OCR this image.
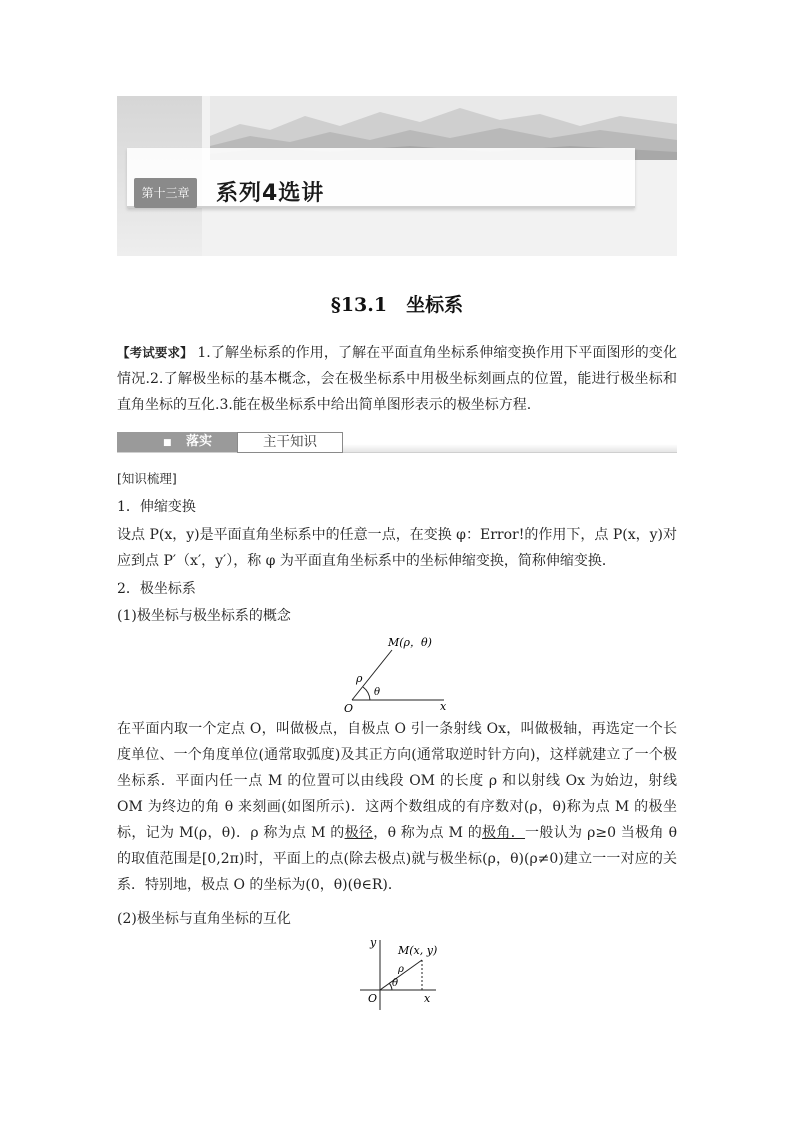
第十三章	系列4选讲
§13.1　坐标系
【考试要求】 1.了解坐标系的作用，了解在平面直角坐标系伸缩变换作用下平面图形的变化情况.2.了解极坐标的基本概念，会在极坐标系中用极坐标刻画点的位置，能进行极坐标和直角坐标的互化.3.能在极坐标系中给出简单图形表示的极坐标方程.
■ 落实	主干知识
[知识梳理]
1．伸缩变换
设点 P(x，y)是平面直角坐标系中的任意一点，在变换 φ：Error!的作用下，点 P(x，y)对应到点 P′（x′，y′），称 φ 为平面直角坐标系中的坐标伸缩变换，简称伸缩变换．
2．极坐标系
(1)极坐标与极坐标系的概念
M(ρ，θ)
ρ
θ
O	x
在平面内取一个定点 O，叫做极点，自极点 O 引一条射线 Ox，叫做极轴，再选定一个长度单位、一个角度单位(通常取弧度)及其正方向(通常取逆时针方向)，这样就建立了一个极坐标系．平面内任一点 M 的位置可以由线段 OM 的长度 ρ 和以射线 Ox 为始边，射线 OM 为终边的角 θ 来刻画(如图所示)．这两个数组成的有序数对(ρ，θ)称为点 M 的极坐标，记为 M(ρ，θ)．ρ 称为点 M 的极径，θ 称为点 M 的极角．一般认为 ρ≥0 当极角 θ 的取值范围是[0,2π)时，平面上的点(除去极点)就与极坐标(ρ，θ)(ρ≠0)建立一一对应的关系．特别地，极点 O 的坐标为(0，θ)(θ∈R)．
(2)极坐标与直角坐标的互化
M(x, y)
ρ
θ
O	x
y
